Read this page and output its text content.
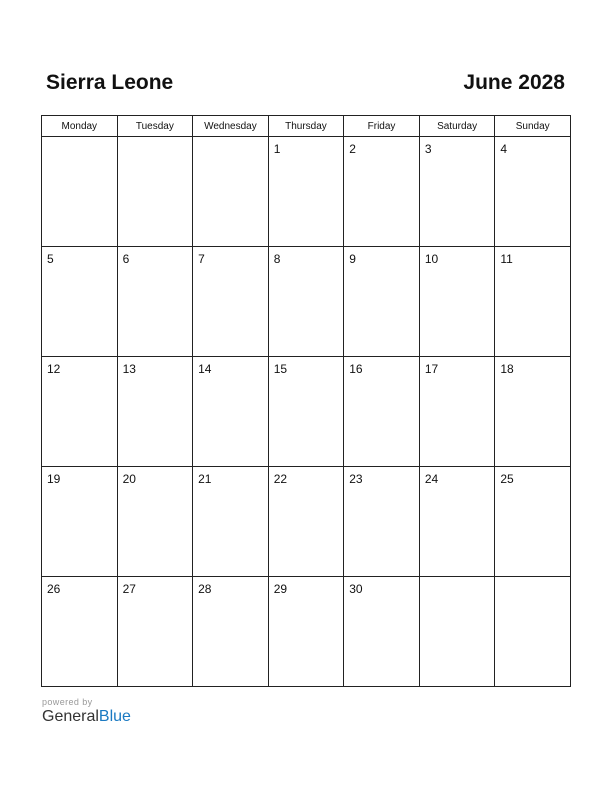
Sierra Leone	June 2028
Monday	Tuesday	Wednesday	Thursday	Friday	Saturday	Sunday

			1	2	3	4

5	6	7	8	9	10	11

12	13	14	15	16	17	18

19	20	21	22	23	24	25

26	27	28	29	30		

powered by
GeneralBlue
